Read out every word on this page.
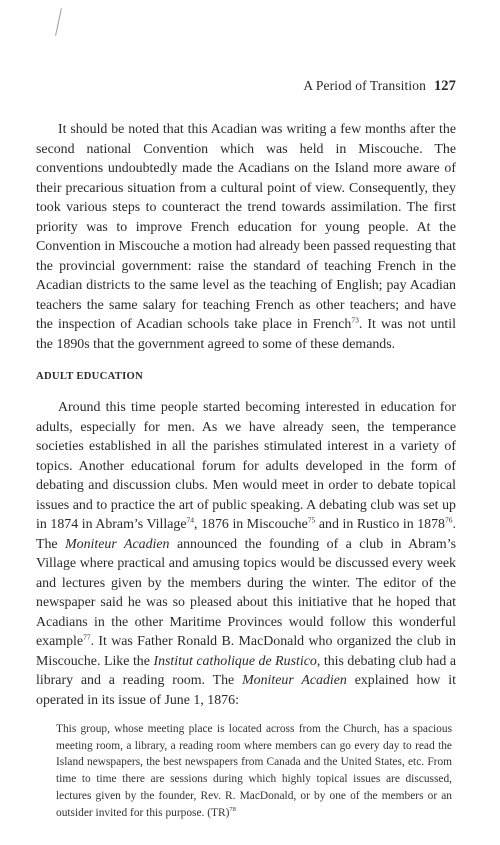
A Period of Transition 127

It should be noted that this Acadian was writing a few months after the second national Convention which was held in Miscouche. The conventions undoubtedly made the Acadians on the Island more aware of their precarious situation from a cultural point of view. Consequently, they took various steps to counteract the trend towards assimilation. The first priority was to improve French education for young people. At the Convention in Miscouche a motion had already been passed requesting that the provincial government: raise the standard of teaching French in the Acadian districts to the same level as the teaching of English; pay Acadian teachers the same salary for teaching French as other teachers; and have the inspection of Acadian schools take place in French$^{73}$. It was not until the 1890s that the government agreed to some of these demands.

ADULT EDUCATION

Around this time people started becoming interested in education for adults, especially for men. As we have already seen, the temperance societies established in all the parishes stimulated interest in a variety of topics. Another educational forum for adults developed in the form of debating and discussion clubs. Men would meet in order to debate topical issues and to practice the art of public speaking. A debating club was set up in 1874 in Abram’s Village$^{74}$, 1876 in Miscouche$^{75}$ and in Rustico in 1878$^{76}$. The Moniteur Acadien announced the founding of a club in Abram’s Village where practical and amusing topics would be discussed every week and lectures given by the members during the winter. The editor of the newspaper said he was so pleased about this initiative that he hoped that Acadians in the other Maritime Provinces would follow this wonderful example$^{77}$. It was Father Ronald B. MacDonald who organized the club in Miscouche. Like the Institut catholique de Rustico, this debating club had a library and a reading room. The Moniteur Acadien explained how it operated in its issue of June 1, 1876:

This group, whose meeting place is located across from the Church, has a spacious meeting room, a library, a reading room where members can go every day to read the Island newspapers, the best newspapers from Canada and the United States, etc. From time to time there are sessions during which highly topical issues are discussed, lectures given by the founder, Rev. R. MacDonald, or by one of the members or an outsider invited for this purpose. (TR)$^{78}$
